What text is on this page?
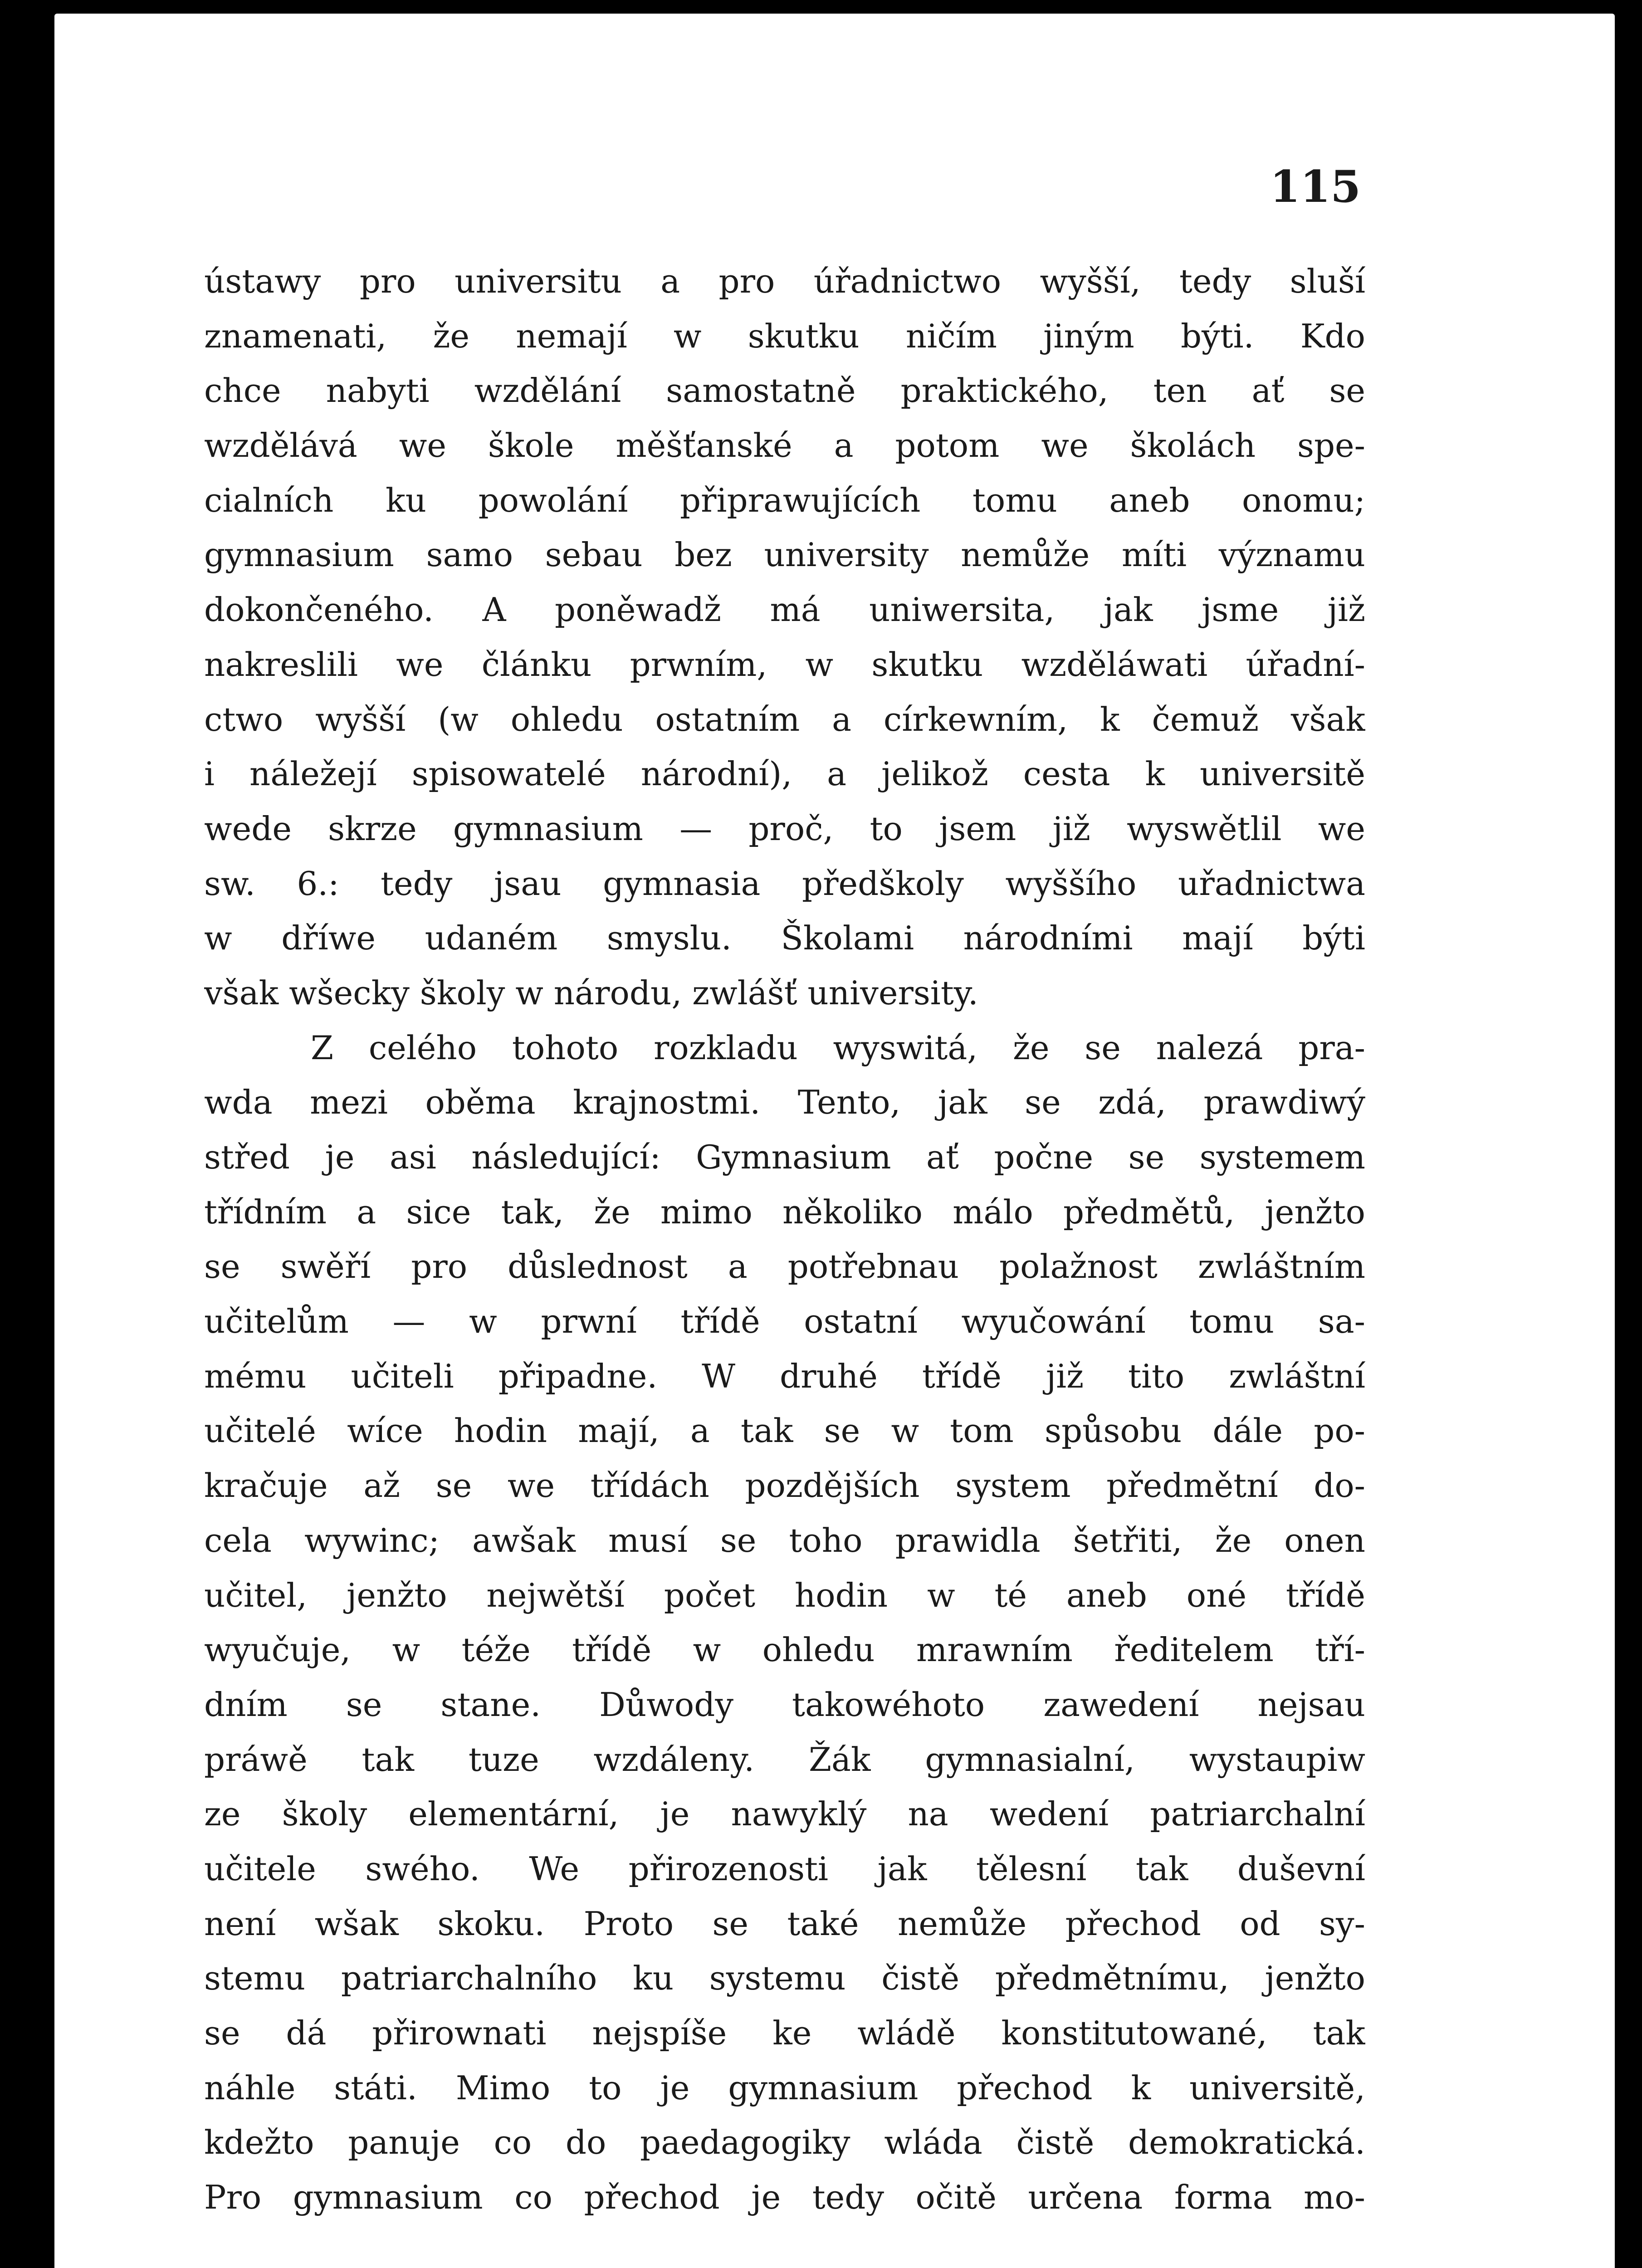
115
ústawy pro universitu a pro úřadnictwo wyšší, tedy sluší
znamenati, že nemají w skutku ničím jiným býti. Kdo
chce nabyti wzdělání samostatně praktického, ten ať se
wzdělává we škole měšťanské a potom we školách spe-
cialních ku powolání připrawujících tomu aneb onomu;
gymnasium samo sebau bez university nemůže míti významu
dokončeného. A poněwadž má uniwersita, jak jsme již
nakreslili we článku prwním, w skutku wzděláwati úřadní-
ctwo wyšší (w ohledu ostatním a církewním, k čemuž však
i náležejí spisowatelé národní), a jelikož cesta k universitě
wede skrze gymnasium — proč, to jsem již wyswětlil we
sw. 6.: tedy jsau gymnasia předškoly wyššího uřadnictwa
w dříwe udaném smyslu. Školami národními mají býti
však wšecky školy w národu, zwlášť university.
Z celého tohoto rozkladu wyswitá, že se nalezá pra-
wda mezi oběma krajnostmi. Tento, jak se zdá, prawdiwý
střed je asi následující: Gymnasium ať počne se systemem
třídním a sice tak, že mimo několiko málo předmětů, jenžto
se swěří pro důslednost a potřebnau polažnost zwláštním
učitelům — w prwní třídě ostatní wyučowání tomu sa-
mému učiteli připadne. W druhé třídě již tito zwláštní
učitelé wíce hodin mají, a tak se w tom spůsobu dále po-
kračuje až se we třídách pozdějších system předmětní do-
cela wywinc; awšak musí se toho prawidla šetřiti, že onen
učitel, jenžto nejwětší počet hodin w té aneb oné třídě
wyučuje, w téže třídě w ohledu mrawním ředitelem tří-
dním se stane. Důwody takowéhoto zawedení nejsau
práwě tak tuze wzdáleny. Žák gymnasialní, wystaupiw
ze školy elementární, je nawyklý na wedení patriarchalní
učitele swého. We přirozenosti jak tělesní tak duševní
není wšak skoku. Proto se také nemůže přechod od sy-
stemu patriarchalního ku systemu čistě předmětnímu, jenžto
se dá přirownati nejspíše ke wládě konstitutowané, tak
náhle státi. Mimo to je gymnasium přechod k universitě,
kdežto panuje co do paedagogiky wláda čistě demokratická.
Pro gymnasium co přechod je tedy očitě určena forma mo-
